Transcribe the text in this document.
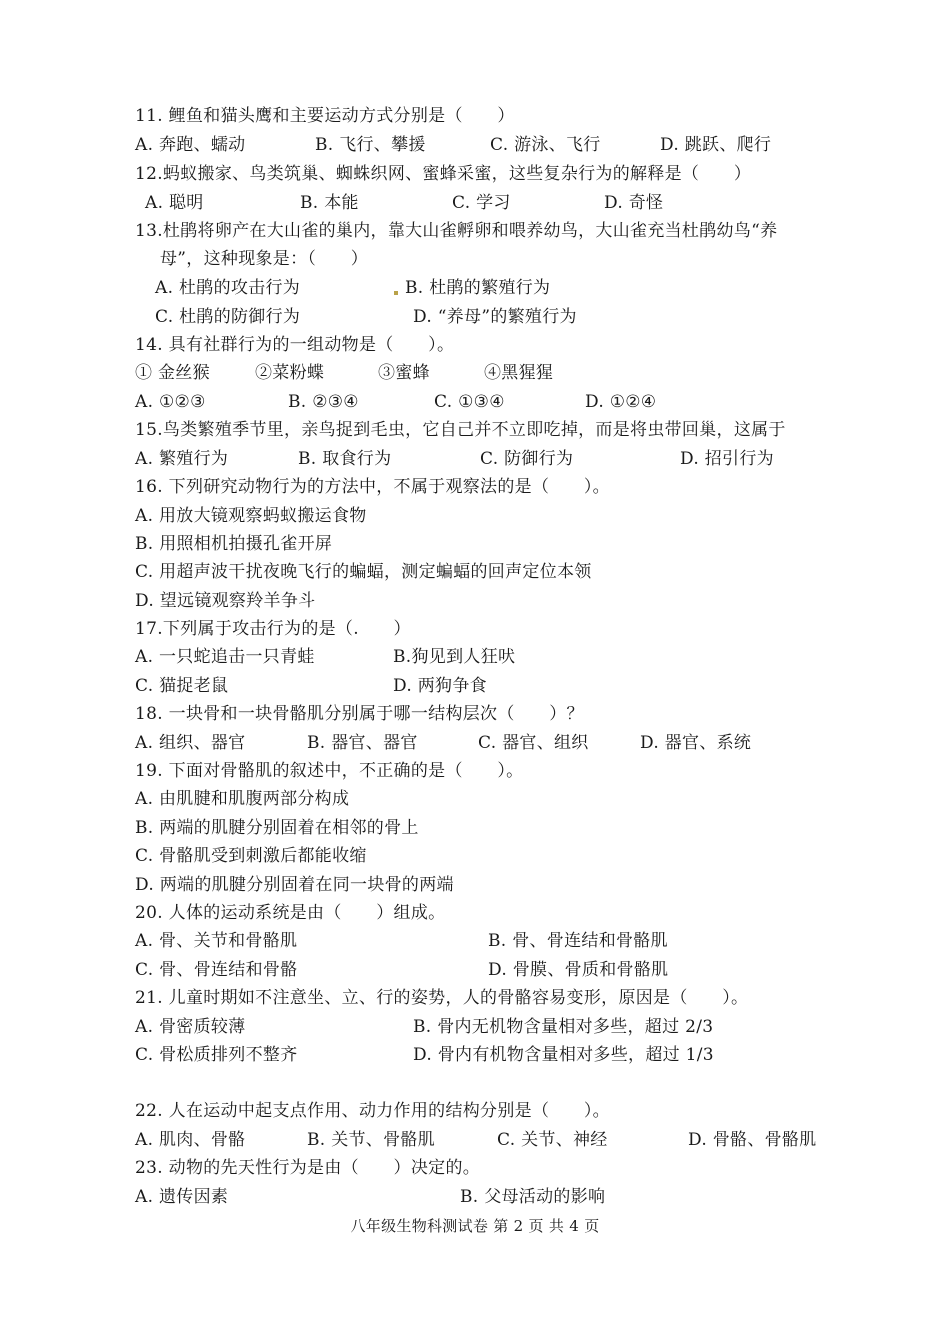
11. 鲤鱼和猫头鹰和主要运动方式分别是（　　）
A. 奔跑、蠕动	B. 飞行、攀援	C. 游泳、飞行	D. 跳跃、爬行
12.蚂蚁搬家、鸟类筑巢、蜘蛛织网、蜜蜂采蜜，这些复杂行为的解释是（　　）
A. 聪明	B. 本能	C. 学习	D. 奇怪
13.杜鹃将卵产在大山雀的巢内，靠大山雀孵卵和喂养幼鸟，大山雀充当杜鹃幼鸟“养
母”，这种现象是：（　　）
A. 杜鹃的攻击行为	B. 杜鹃的繁殖行为
C. 杜鹃的防御行为	D. “养母”的繁殖行为
14. 具有社群行为的一组动物是（　　）。
① 金丝猴	②菜粉蝶	③蜜蜂	④黑猩猩
A. ①②③	B. ②③④	C. ①③④	D. ①②④
15.鸟类繁殖季节里，亲鸟捉到毛虫，它自己并不立即吃掉，而是将虫带回巢，这属于
A. 繁殖行为	B. 取食行为	C. 防御行为	D. 招引行为
16. 下列研究动物行为的方法中，不属于观察法的是（　　）。
A. 用放大镜观察蚂蚁搬运食物
B. 用照相机拍摄孔雀开屏
C. 用超声波干扰夜晚飞行的蝙蝠，测定蝙蝠的回声定位本领
D. 望远镜观察羚羊争斗
17.下列属于攻击行为的是（.　　）
A. 一只蛇追击一只青蛙	B.狗见到人狂吠
C. 猫捉老鼠	D. 两狗争食
18. 一块骨和一块骨骼肌分别属于哪一结构层次（　　）？
A. 组织、器官	B. 器官、器官	C. 器官、组织	D. 器官、系统
19. 下面对骨骼肌的叙述中，不正确的是（　　）。
A. 由肌腱和肌腹两部分构成
B. 两端的肌腱分别固着在相邻的骨上
C. 骨骼肌受到刺激后都能收缩
D. 两端的肌腱分别固着在同一块骨的两端
20. 人体的运动系统是由（　　）组成。
A. 骨、关节和骨骼肌	B. 骨、骨连结和骨骼肌
C. 骨、骨连结和骨骼	D. 骨膜、骨质和骨骼肌
21. 儿童时期如不注意坐、立、行的姿势，人的骨骼容易变形，原因是（　　）。
A. 骨密质较薄	B. 骨内无机物含量相对多些，超过 2/3
C. 骨松质排列不整齐	D. 骨内有机物含量相对多些，超过 1/3
22. 人在运动中起支点作用、动力作用的结构分别是（　　）。
A. 肌肉、骨骼	B. 关节、骨骼肌	C. 关节、神经	D. 骨骼、骨骼肌
23. 动物的先天性行为是由（　　）决定的。
A. 遗传因素	B. 父母活动的影响
八年级生物科测试卷 第 2 页 共 4 页
